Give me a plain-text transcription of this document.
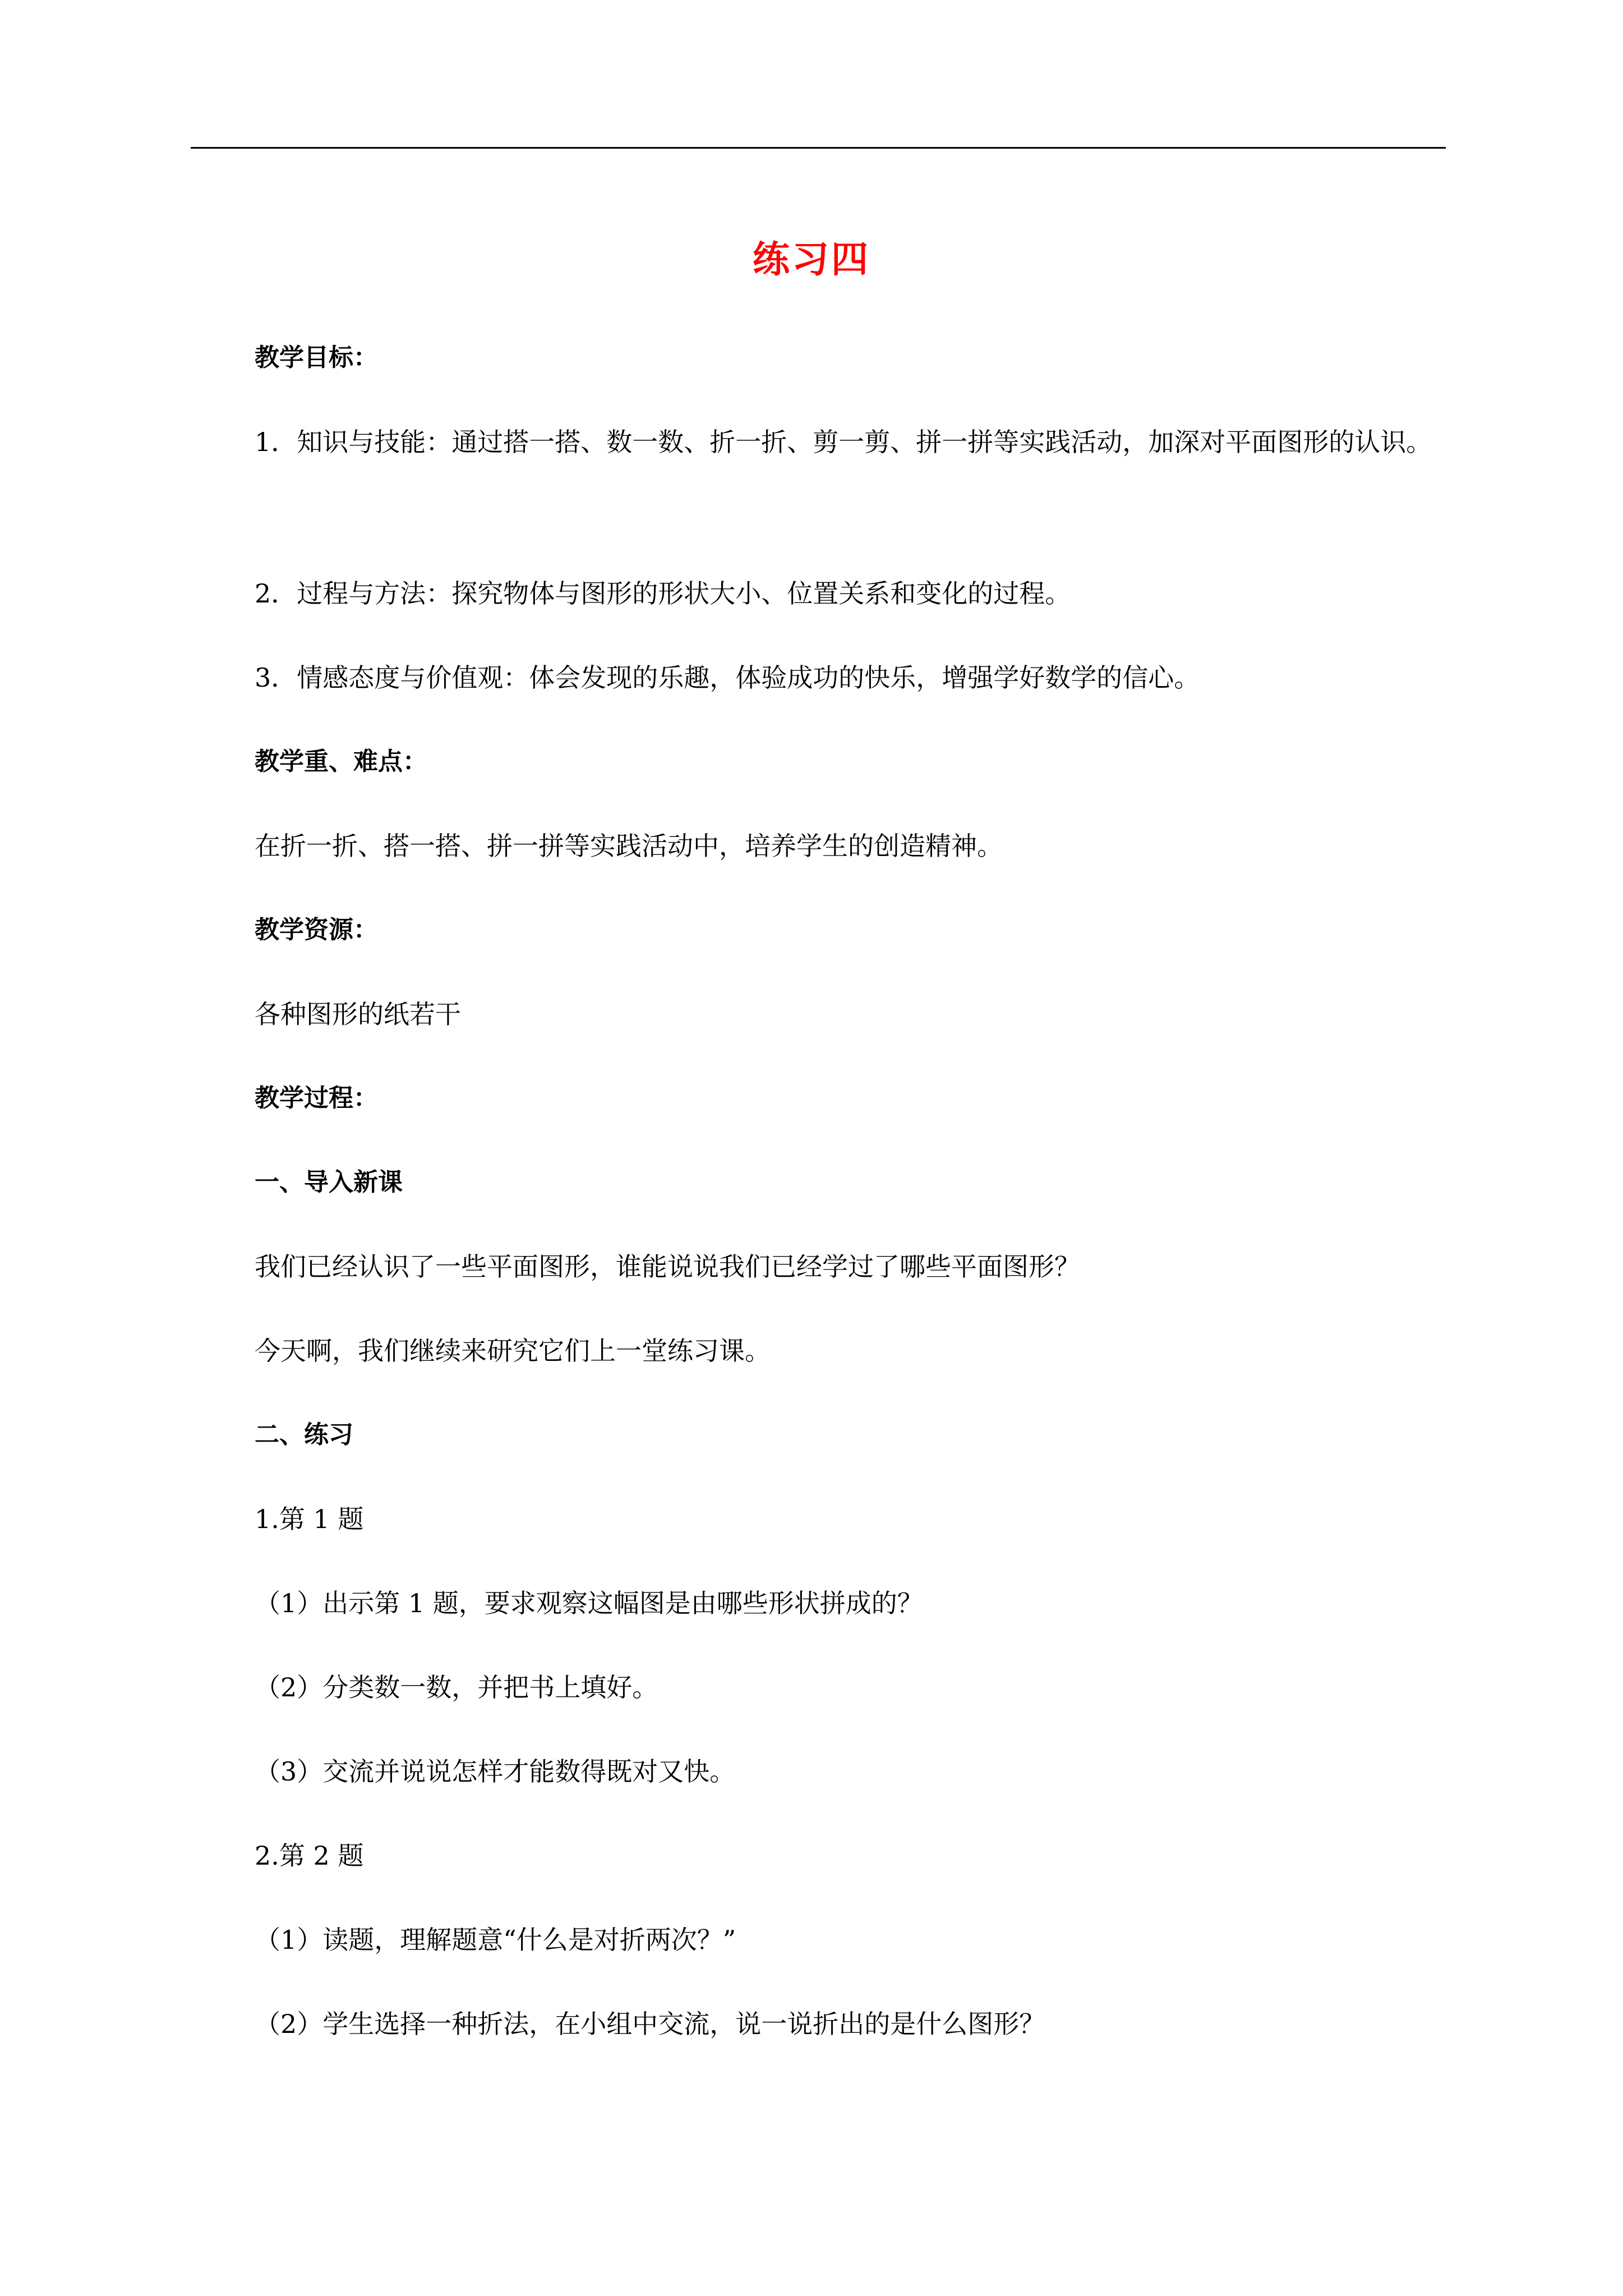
练习四

教学目标：

1．知识与技能：通过搭一搭、数一数、折一折、剪一剪、拼一拼等实践活动，加深对平面图形的认识。

2．过程与方法：探究物体与图形的形状大小、位置关系和变化的过程。

3．情感态度与价值观：体会发现的乐趣，体验成功的快乐，增强学好数学的信心。

教学重、难点：

在折一折、搭一搭、拼一拼等实践活动中，培养学生的创造精神。

教学资源：

各种图形的纸若干

教学过程：

一、导入新课

我们已经认识了一些平面图形，谁能说说我们已经学过了哪些平面图形？

今天啊，我们继续来研究它们上一堂练习课。

二、练习

1.第 1 题

（1）出示第 1 题，要求观察这幅图是由哪些形状拼成的？

（2）分类数一数，并把书上填好。

（3）交流并说说怎样才能数得既对又快。

2.第 2 题

（1）读题，理解题意“什么是对折两次？”

（2）学生选择一种折法，在小组中交流，说一说折出的是什么图形？
